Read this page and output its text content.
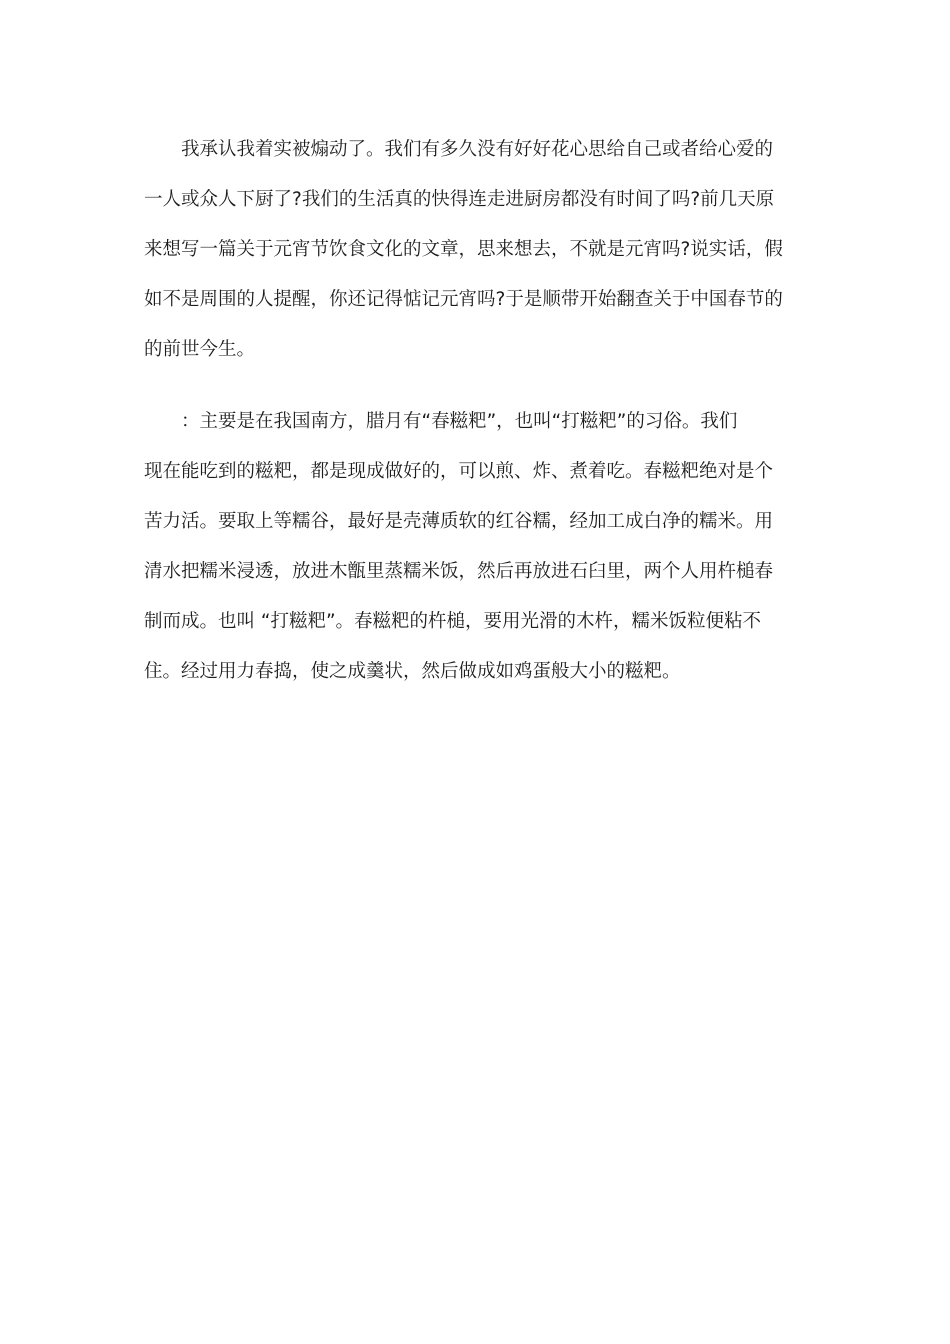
我承认我着实被煽动了。我们有多久没有好好花心思给自己或者给心爱的
一人或众人下厨了?我们的生活真的快得连走进厨房都没有时间了吗?前几天原
来想写一篇关于元宵节饮食文化的文章，思来想去，不就是元宵吗?说实话，假
如不是周围的人提醒，你还记得惦记元宵吗?于是顺带开始翻查关于中国春节的
的前世今生。

：主要是在我国南方，腊月有“春糍粑”，也叫“打糍粑”的习俗。我们
现在能吃到的糍粑，都是现成做好的，可以煎、炸、煮着吃。春糍粑绝对是个
苦力活。要取上等糯谷，最好是壳薄质软的红谷糯，经加工成白净的糯米。用
清水把糯米浸透，放进木甑里蒸糯米饭，然后再放进石臼里，两个人用杵槌春
制而成。也叫 “打糍粑”。春糍粑的杵槌，要用光滑的木杵，糯米饭粒便粘不
住。经过用力春捣，使之成羹状，然后做成如鸡蛋般大小的糍粑。
